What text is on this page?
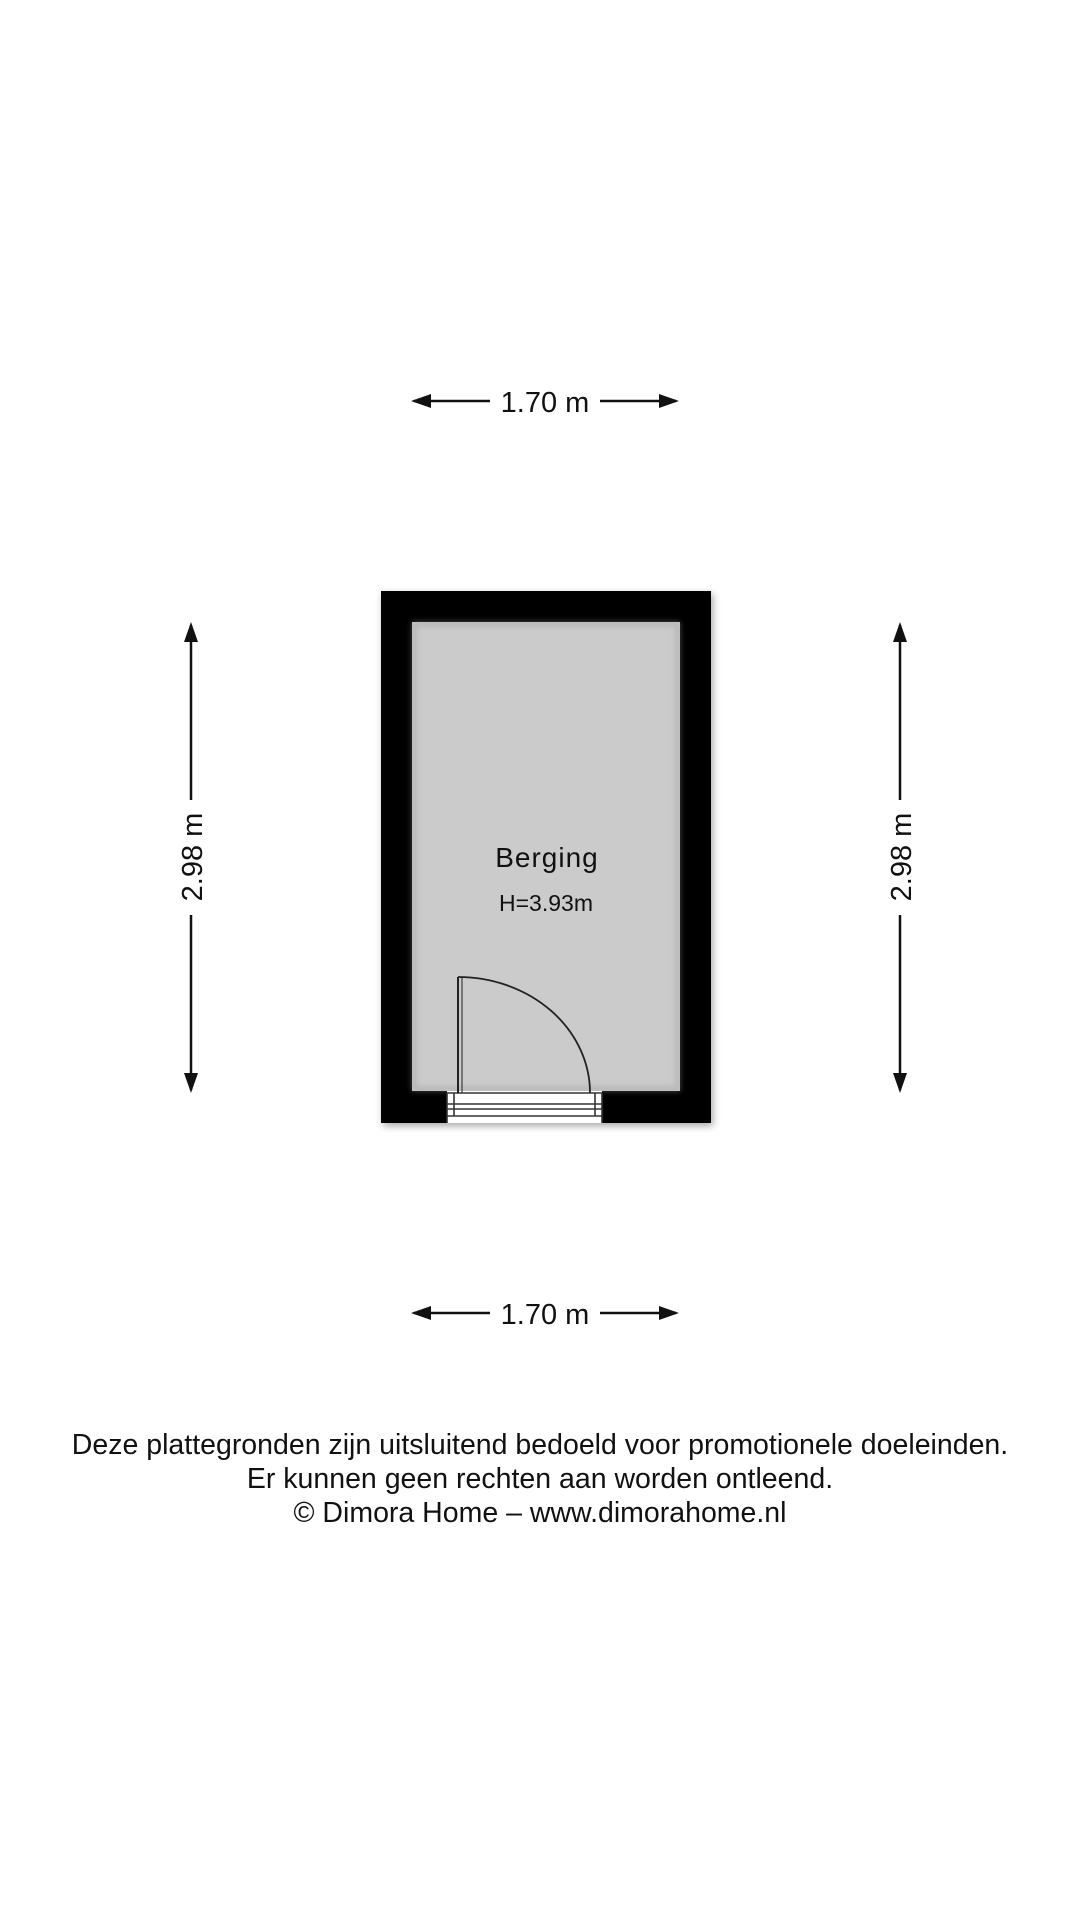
1.70 m
1.70 m
2.98 m	2.98 m
Berging
H=3.93m
Deze plattegronden zijn uitsluitend bedoeld voor promotionele doeleinden.
Er kunnen geen rechten aan worden ontleend.
© Dimora Home – www.dimorahome.nl
